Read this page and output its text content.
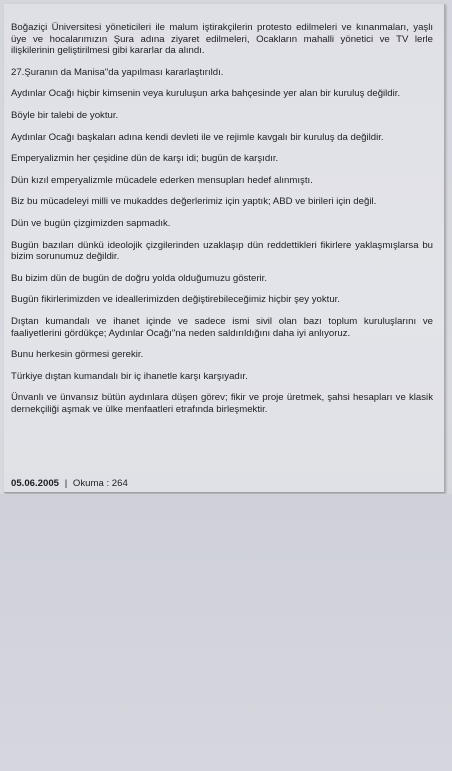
Boğaziçi Üniversitesi yöneticileri ile malum iştirakçilerin protesto edilmeleri ve kınanmaları, yaşlı üye ve hocalarımızın Şura adına ziyaret edilmeleri, Ocakların mahalli yönetici ve TV lerle ilişkilerinin geliştirilmesi gibi kararlar da alındı.

27.Şuranın da Manisa"da yapılması kararlaştırıldı.

Aydınlar Ocağı hiçbir kimsenin veya kuruluşun arka bahçesinde yer alan bir kuruluş değildir.

Böyle bir talebi de yoktur.

Aydınlar Ocağı başkaları adına kendi devleti ile ve rejimle kavgalı bir kuruluş da değildir.

Emperyalizmin her çeşidine dün de karşı idi; bugün de karşıdır.

Dün kızıl emperyalizmle mücadele ederken mensupları hedef alınmıştı.

Biz bu mücadeleyi milli ve mukaddes değerlerimiz için yaptık; ABD ve birileri için değil.

Dün ve bugün çizgimizden sapmadık.

Bugün bazıları dünkü ideolojik çizgilerinden uzaklaşıp dün reddettikleri fikirlere yaklaşmışlarsa bu bizim sorunumuz değildir.

Bu bizim dün de bugün de doğru yolda olduğumuzu gösterir.

Bugün fikirlerimizden ve ideallerimizden değiştirebileceğimiz hiçbir şey yoktur.

Dıştan kumandalı ve ihanet içinde ve sadece ismi sivil olan bazı toplum kuruluşlarını ve faaliyetlerini gördükçe; Aydınlar Ocağı"na neden saldırıldığını daha iyi anlıyoruz.

Bunu herkesin görmesi gerekir.

Türkiye dıştan kumandalı bir iç ihanetle karşı karşıyadır.

Ünvanlı ve ünvansız bütün aydınlara düşen görev; fikir ve proje üretmek, şahsi hesapları ve klasik dernekçiliği aşmak ve ülke menfaatleri etrafında birleşmektir.

05.06.2005 | Okuma : 264
